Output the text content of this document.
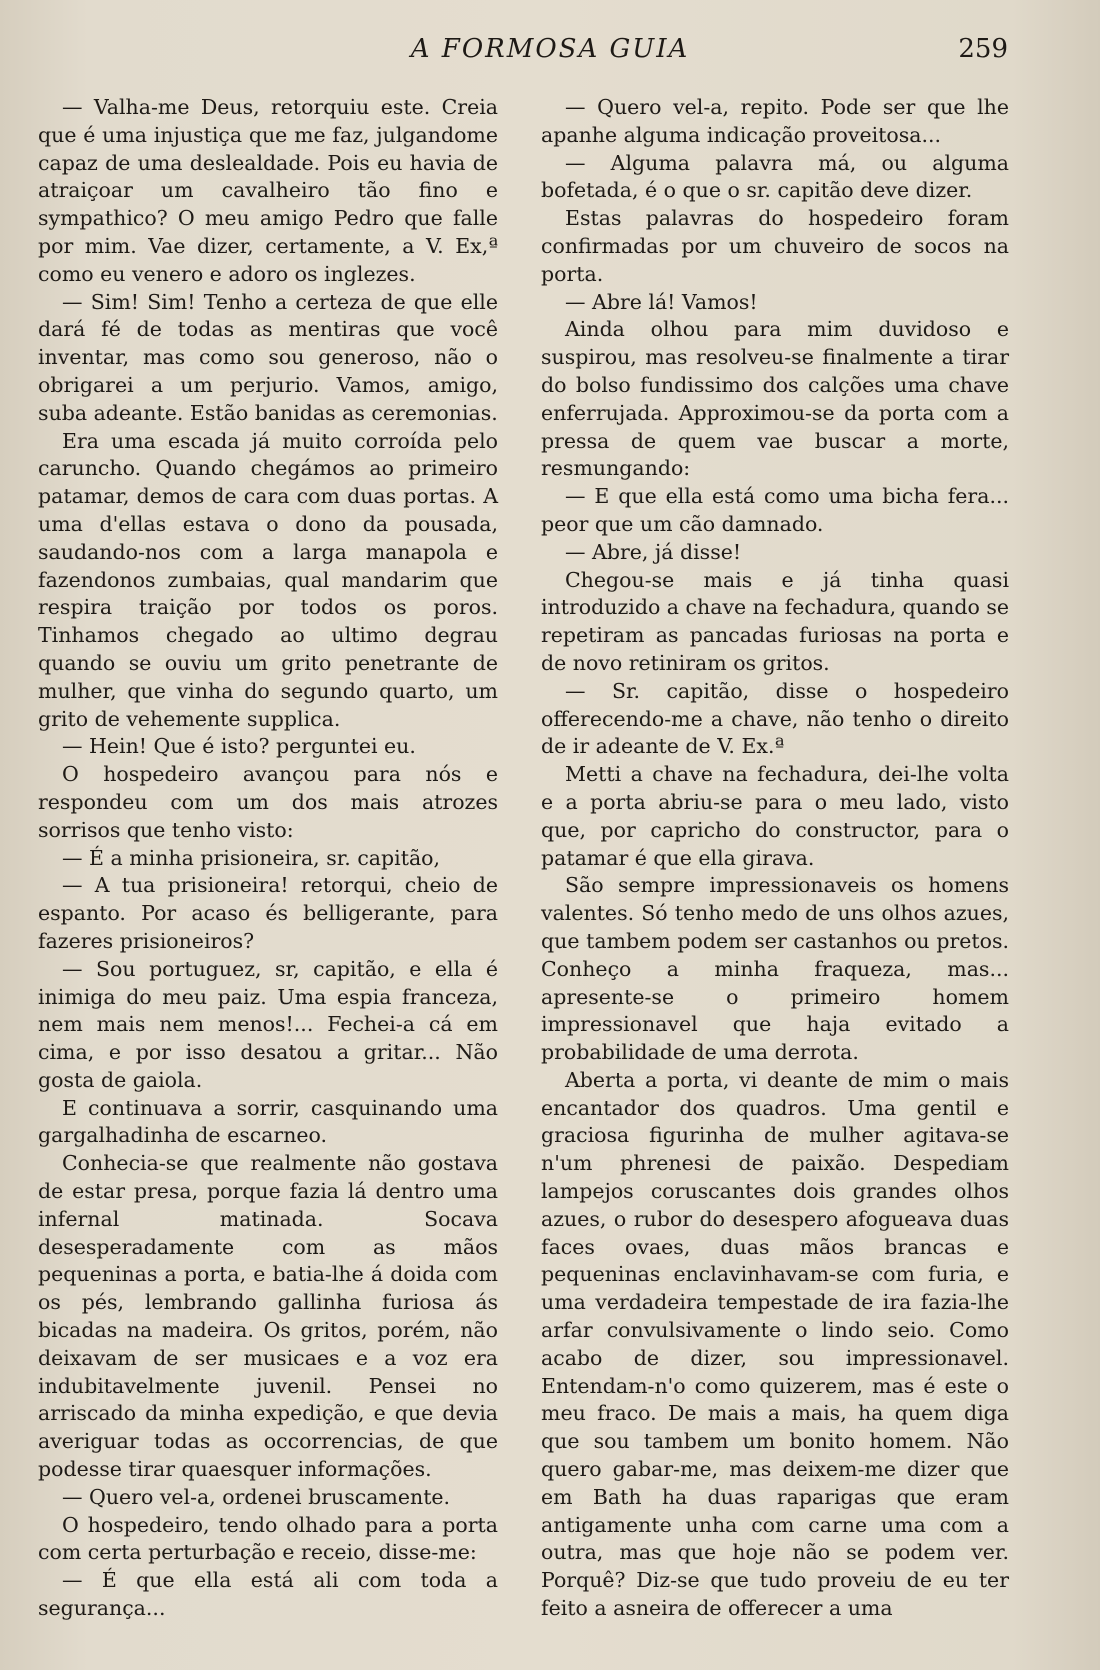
A FORMOSA GUIA	259

— Valha-me Deus, retorquiu este. Creia que é uma injustiça que me faz, julgandome capaz de uma deslealdade. Pois eu havia de atraiçoar um cavalheiro tão fino e sympathico? O meu amigo Pedro que falle por mim. Vae dizer, certamente, a V. Ex,ª como eu venero e adoro os inglezes.

— Sim! Sim! Tenho a certeza de que elle dará fé de todas as mentiras que você inventar, mas como sou generoso, não o obrigarei a um perjurio. Vamos, amigo, suba adeante. Estão banidas as ceremonias.

Era uma escada já muito corroída pelo caruncho. Quando chegámos ao primeiro patamar, demos de cara com duas portas. A uma d'ellas estava o dono da pousada, saudando-nos com a larga manapola e fazendonos zumbaias, qual mandarim que respira traição por todos os poros. Tinhamos chegado ao ultimo degrau quando se ouviu um grito penetrante de mulher, que vinha do segundo quarto, um grito de vehemente supplica.

— Hein! Que é isto? perguntei eu.

O hospedeiro avançou para nós e respondeu com um dos mais atrozes sorrisos que tenho visto:

— É a minha prisioneira, sr. capitão,

— A tua prisioneira! retorqui, cheio de espanto. Por acaso és belligerante, para fazeres prisioneiros?

— Sou portuguez, sr, capitão, e ella é inimiga do meu paiz. Uma espia franceza, nem mais nem menos!... Fechei-a cá em cima, e por isso desatou a gritar... Não gosta de gaiola.

E continuava a sorrir, casquinando uma gargalhadinha de escarneo.

Conhecia-se que realmente não gostava de estar presa, porque fazia lá dentro uma infernal matinada. Socava desesperadamente com as mãos pequeninas a porta, e batia-lhe á doida com os pés, lembrando gallinha furiosa ás bicadas na madeira. Os gritos, porém, não deixavam de ser musicaes e a voz era indubitavelmente juvenil. Pensei no arriscado da minha expedição, e que devia averiguar todas as occorrencias, de que podesse tirar quaesquer informações.

— Quero vel-a, ordenei bruscamente.

O hospedeiro, tendo olhado para a porta com certa perturbação e receio, disse-me:

— É que ella está ali com toda a segurança...

— Quero vel-a, repito. Pode ser que lhe apanhe alguma indicação proveitosa...

— Alguma palavra má, ou alguma bofetada, é o que o sr. capitão deve dizer.

Estas palavras do hospedeiro foram confirmadas por um chuveiro de socos na porta.

— Abre lá! Vamos!

Ainda olhou para mim duvidoso e suspirou, mas resolveu-se finalmente a tirar do bolso fundissimo dos calções uma chave enferrujada. Approximou-se da porta com a pressa de quem vae buscar a morte, resmungando:

— E que ella está como uma bicha fera... peor que um cão damnado.

— Abre, já disse!

Chegou-se mais e já tinha quasi introduzido a chave na fechadura, quando se repetiram as pancadas furiosas na porta e de novo retiniram os gritos.

— Sr. capitão, disse o hospedeiro offerecendo-me a chave, não tenho o direito de ir adeante de V. Ex.ª

Metti a chave na fechadura, dei-lhe volta e a porta abriu-se para o meu lado, visto que, por capricho do constructor, para o patamar é que ella girava.

São sempre impressionaveis os homens valentes. Só tenho medo de uns olhos azues, que tambem podem ser castanhos ou pretos. Conheço a minha fraqueza, mas... apresente-se o primeiro homem impressionavel que haja evitado a probabilidade de uma derrota.

Aberta a porta, vi deante de mim o mais encantador dos quadros. Uma gentil e graciosa figurinha de mulher agitava-se n'um phrenesi de paixão. Despediam lampejos coruscantes dois grandes olhos azues, o rubor do desespero afogueava duas faces ovaes, duas mãos brancas e pequeninas enclavinhavam-se com furia, e uma verdadeira tempestade de ira fazia-lhe arfar convulsivamente o lindo seio. Como acabo de dizer, sou impressionavel. Entendam-n'o como quizerem, mas é este o meu fraco. De mais a mais, ha quem diga que sou tambem um bonito homem. Não quero gabar-me, mas deixem-me dizer que em Bath ha duas raparigas que eram antigamente unha com carne uma com a outra, mas que hoje não se podem ver. Porquê? Diz-se que tudo proveiu de eu ter feito a asneira de offerecer a uma
